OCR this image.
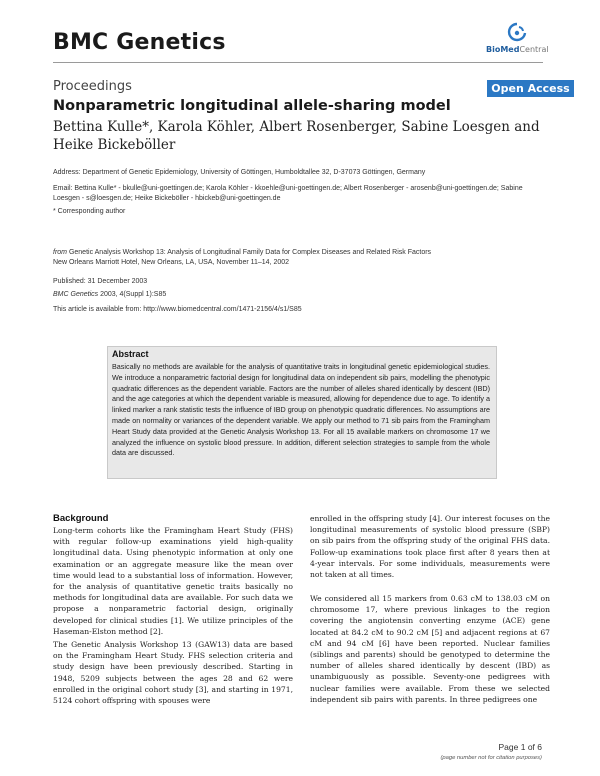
BMC Genetics	BioMedCentral
Proceedings	Open Access
Nonparametric longitudinal allele-sharing model
Bettina Kulle*, Karola Köhler, Albert Rosenberger, Sabine Loesgen and Heike Bickeböller
Address: Department of Genetic Epidemiology, University of Göttingen, Humboldtallee 32, D-37073 Göttingen, Germany
Email: Bettina Kulle* - bkulle@uni-goettingen.de; Karola Köhler - kkoehle@uni-goettingen.de; Albert Rosenberger - arosenb@uni-goettingen.de; Sabine Loesgen - s@loesgen.de; Heike Bickeböller - hbickeb@uni-goettingen.de
* Corresponding author
from Genetic Analysis Workshop 13: Analysis of Longitudinal Family Data for Complex Diseases and Related Risk Factors
New Orleans Marriott Hotel, New Orleans, LA, USA, November 11–14, 2002
Published: 31 December 2003
BMC Genetics 2003, 4(Suppl 1):S85
This article is available from: http://www.biomedcentral.com/1471-2156/4/s1/S85
Abstract
Basically no methods are available for the analysis of quantitative traits in longitudinal genetic epidemiological studies. We introduce a nonparametric factorial design for longitudinal data on independent sib pairs, modelling the phenotypic quadratic differences as the dependent variable. Factors are the number of alleles shared identically by descent (IBD) and the age categories at which the dependent variable is measured, allowing for dependence due to age. To identify a linked marker a rank statistic tests the influence of IBD group on phenotypic quadratic differences. No assumptions are made on normality or variances of the dependent variable. We apply our method to 71 sib pairs from the Framingham Heart Study data provided at the Genetic Analysis Workshop 13. For all 15 available markers on chromosome 17 we analyzed the influence on systolic blood pressure. In addition, different selection strategies to sample from the whole data are discussed.
Background

Long-term cohorts like the Framingham Heart Study (FHS) with regular follow-up examinations yield high-quality longitudinal data. Using phenotypic information at only one examination or an aggregate measure like the mean over time would lead to a substantial loss of information. However, for the analysis of quantitative genetic traits basically no methods for longitudinal data are available. For such data we propose a nonparametric factorial design, originally developed for clinical studies [1]. We utilize principles of the Haseman-Elston method [2].

The Genetic Analysis Workshop 13 (GAW13) data are based on the Framingham Heart Study. FHS selection criteria and study design have been previously described. Starting in 1948, 5209 subjects between the ages 28 and 62 were enrolled in the original cohort study [3], and starting in 1971, 5124 cohort offspring with spouses were

enrolled in the offspring study [4]. Our interest focuses on the longitudinal measurements of systolic blood pressure (SBP) on sib pairs from the offspring study of the original FHS data. Follow-up examinations took place first after 8 years then at 4-year intervals. For some individuals, measurements were not taken at all times.

We considered all 15 markers from 0.63 cM to 138.03 cM on chromosome 17, where previous linkages to the region covering the angiotensin converting enzyme (ACE) gene located at 84.2 cM to 90.2 cM [5] and adjacent regions at 67 cM and 94 cM [6] have been reported. Nuclear families (siblings and parents) should be genotyped to determine the number of alleles shared identically by descent (IBD) as unambiguously as possible. Seventy-one pedigrees with nuclear families were available. From these we selected independent sib pairs with parents. In three pedigrees one

Page 1 of 6
(page number not for citation purposes)
